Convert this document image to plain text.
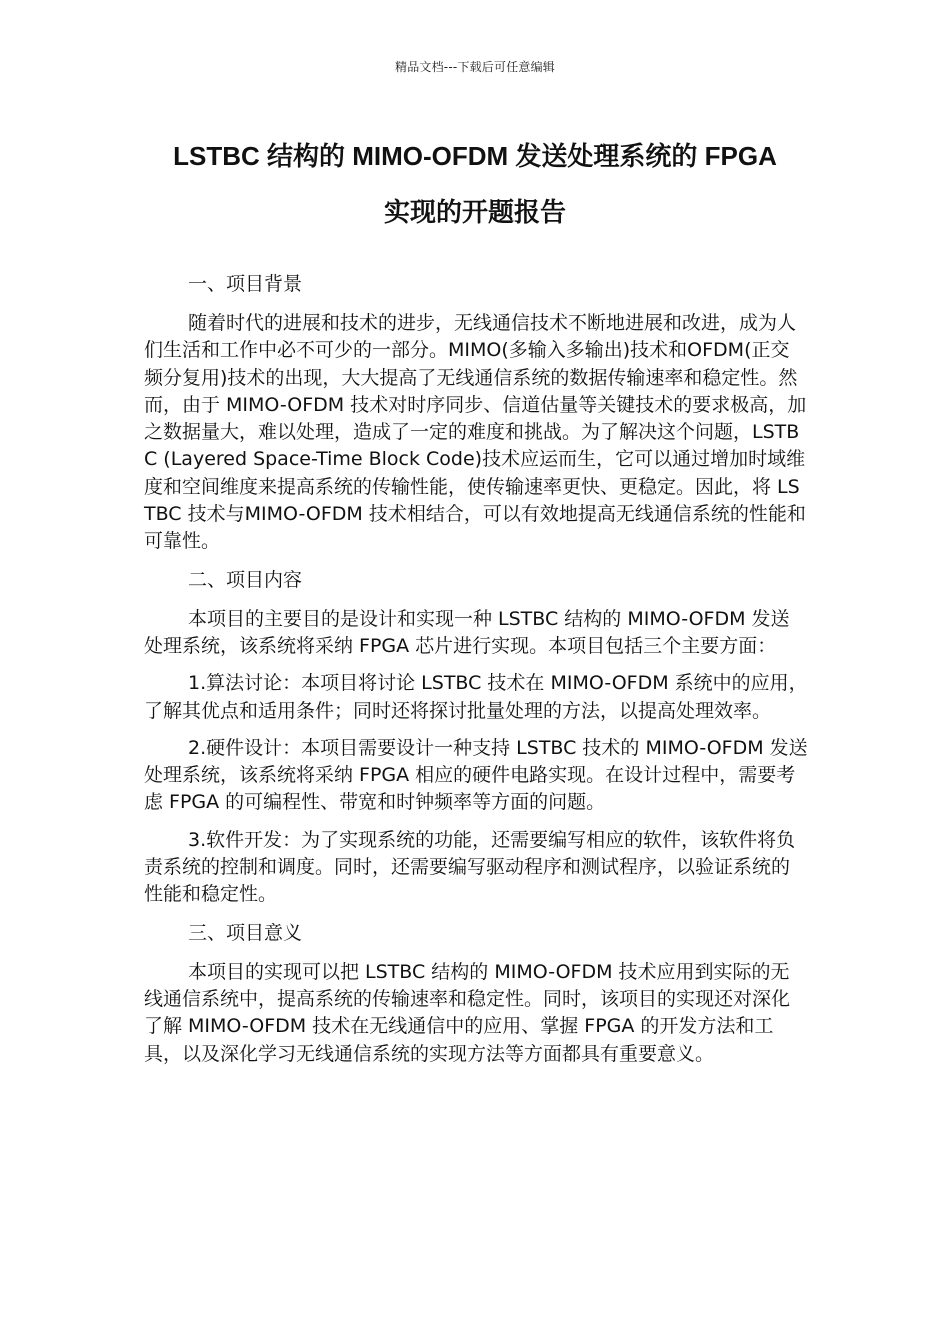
精品文档---下载后可任意编辑
LSTBC 结构的 MIMO-OFDM 发送处理系统的 FPGA
实现的开题报告

一、项目背景

随着时代的进展和技术的进步，无线通信技术不断地进展和改进，成为人们生活和工作中必不可少的一部分。MIMO(多输入多输出)技术和OFDM(正交频分复用)技术的出现，大大提高了无线通信系统的数据传输速率和稳定性。然而，由于 MIMO-OFDM 技术对时序同步、信道估量等关键技术的要求极高，加之数据量大，难以处理，造成了一定的难度和挑战。为了解决这个问题，LSTBC (Layered Space-Time Block Code)技术应运而生，它可以通过增加时域维度和空间维度来提高系统的传输性能，使传输速率更快、更稳定。因此，将 LSTBC 技术与MIMO-OFDM 技术相结合，可以有效地提高无线通信系统的性能和可靠性。

二、项目内容

本项目的主要目的是设计和实现一种 LSTBC 结构的 MIMO-OFDM 发送处理系统，该系统将采纳 FPGA 芯片进行实现。本项目包括三个主要方面：

1.算法讨论：本项目将讨论 LSTBC 技术在 MIMO-OFDM 系统中的应用，了解其优点和适用条件；同时还将探讨批量处理的方法，以提高处理效率。

2.硬件设计：本项目需要设计一种支持 LSTBC 技术的 MIMO-OFDM 发送处理系统，该系统将采纳 FPGA 相应的硬件电路实现。在设计过程中，需要考虑 FPGA 的可编程性、带宽和时钟频率等方面的问题。

3.软件开发：为了实现系统的功能，还需要编写相应的软件，该软件将负责系统的控制和调度。同时，还需要编写驱动程序和测试程序，以验证系统的性能和稳定性。

三、项目意义

本项目的实现可以把 LSTBC 结构的 MIMO-OFDM 技术应用到实际的无线通信系统中，提高系统的传输速率和稳定性。同时，该项目的实现还对深化了解 MIMO-OFDM 技术在无线通信中的应用、掌握 FPGA 的开发方法和工具，以及深化学习无线通信系统的实现方法等方面都具有重要意义。
